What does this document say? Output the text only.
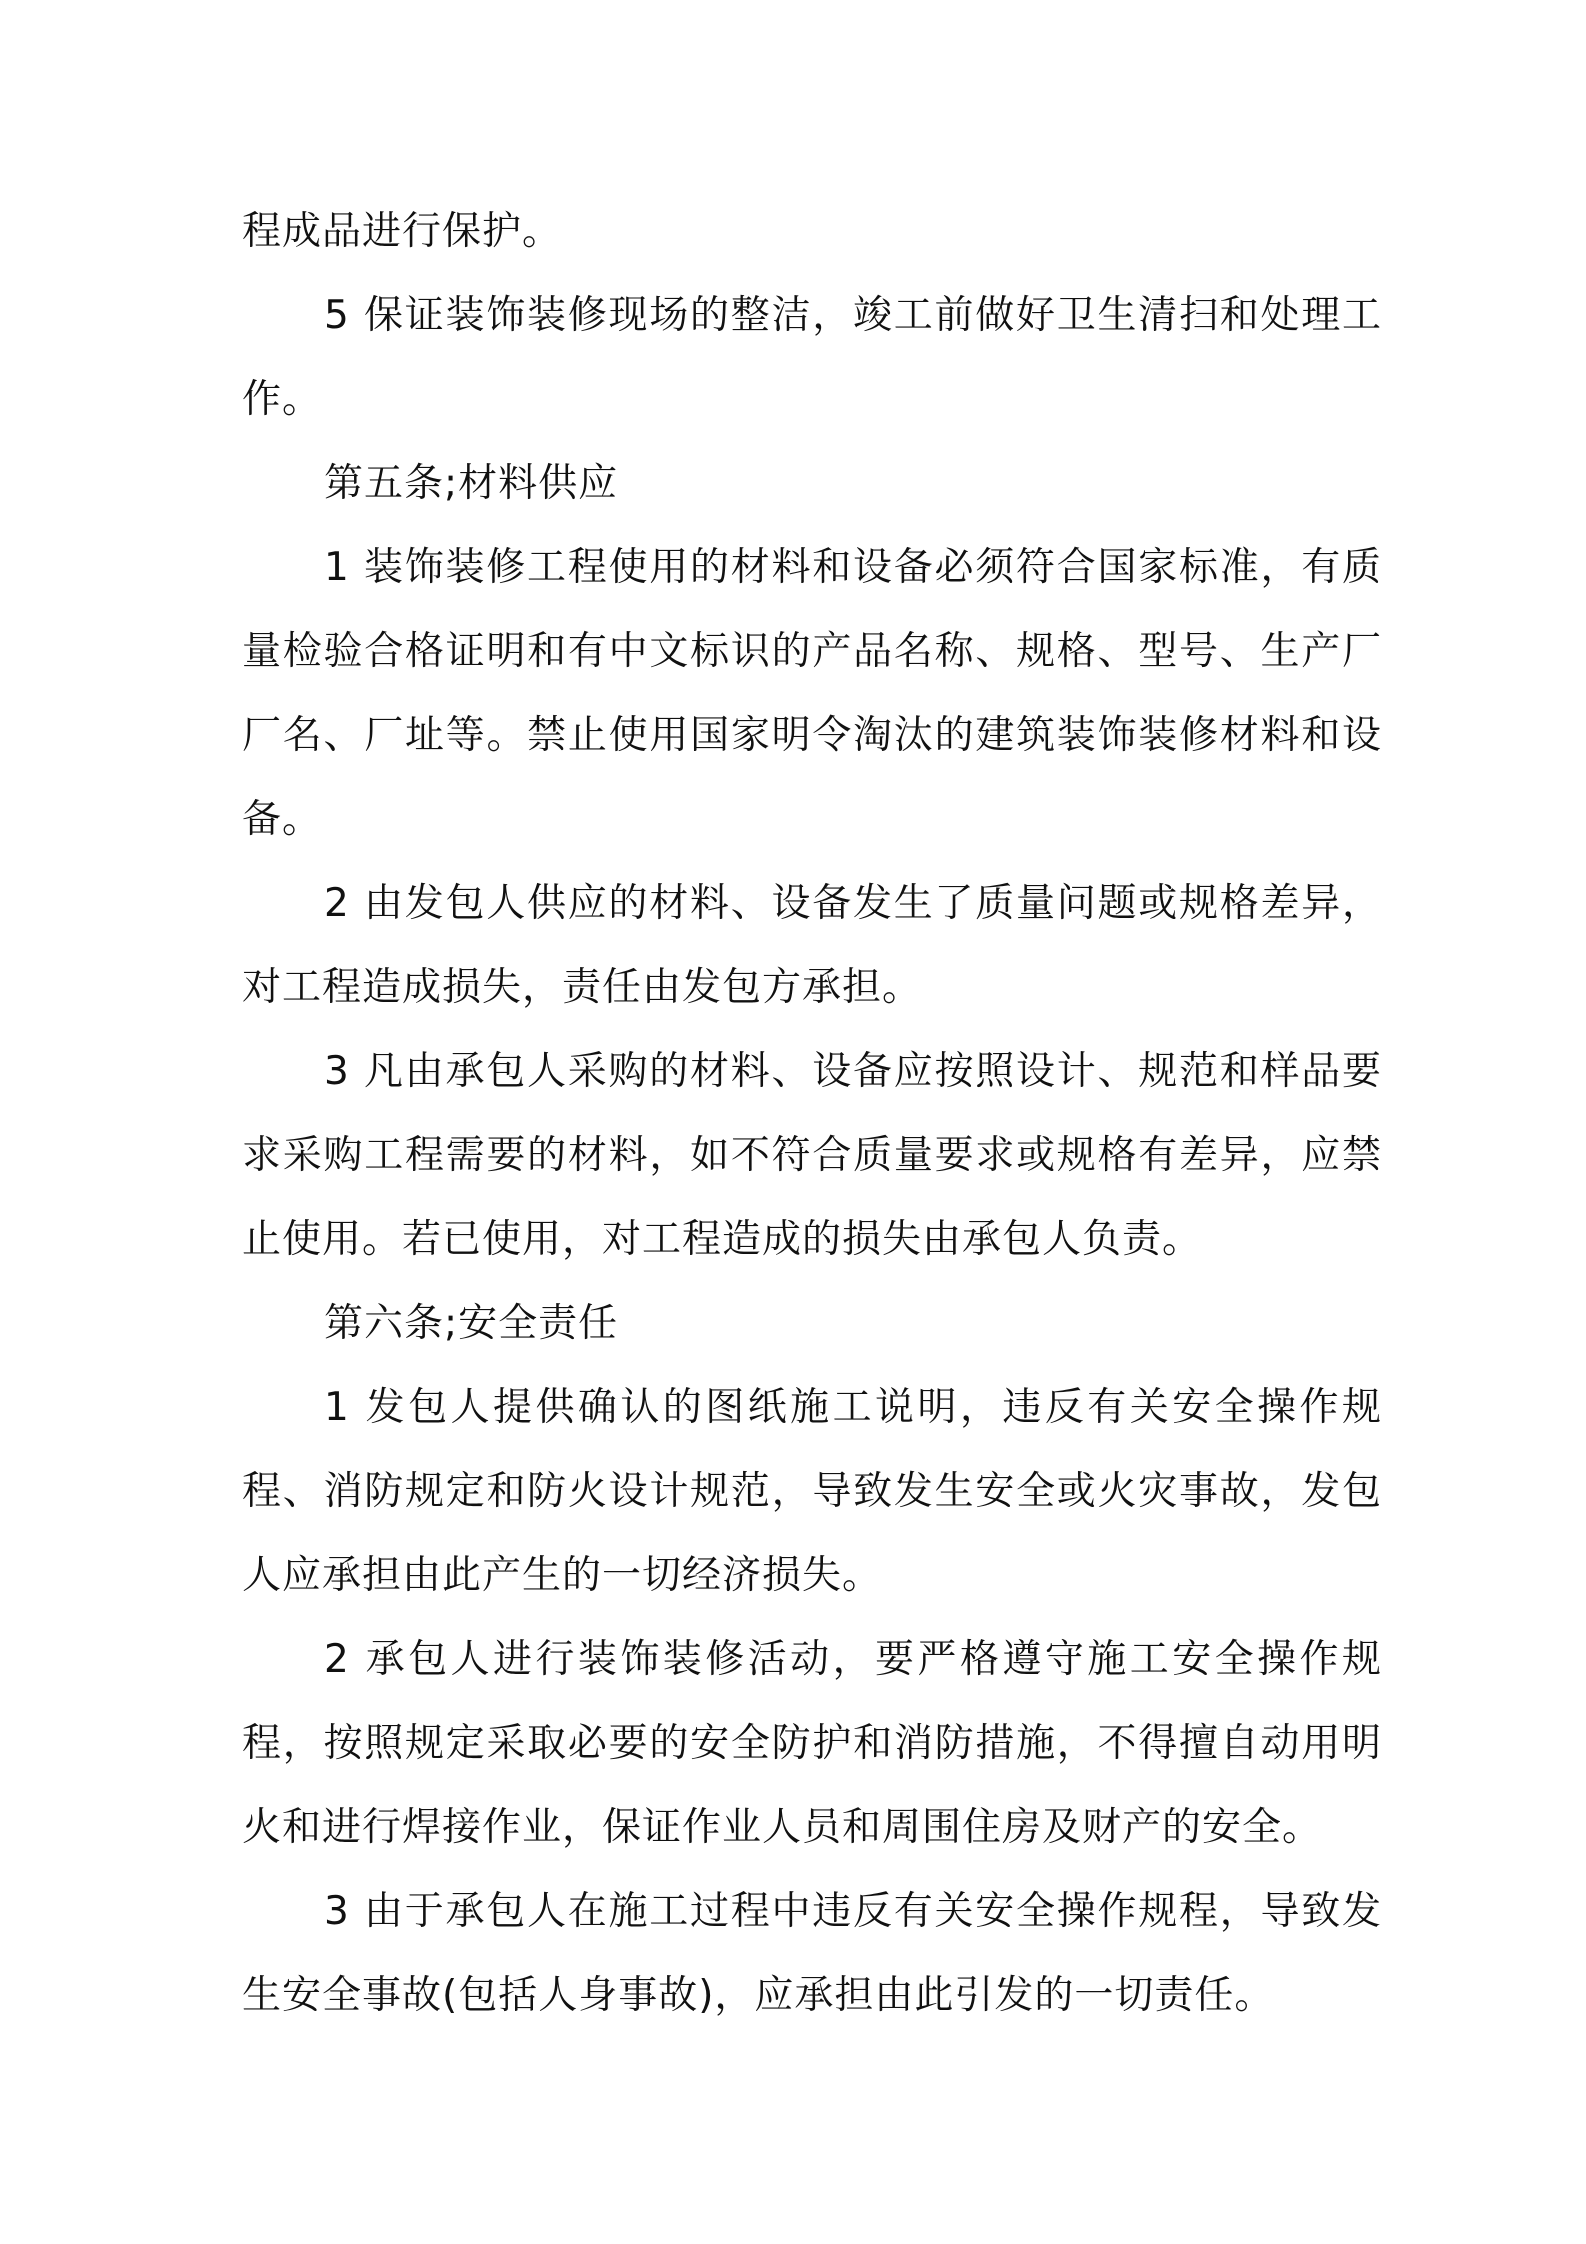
程成品进行保护。

5 保证装饰装修现场的整洁，竣工前做好卫生清扫和处理工作。

第五条;材料供应

1 装饰装修工程使用的材料和设备必须符合国家标准，有质量检验合格证明和有中文标识的产品名称、规格、型号、生产厂厂名、厂址等。禁止使用国家明令淘汰的建筑装饰装修材料和设备。

2 由发包人供应的材料、设备发生了质量问题或规格差异，对工程造成损失，责任由发包方承担。

3 凡由承包人采购的材料、设备应按照设计、规范和样品要求采购工程需要的材料，如不符合质量要求或规格有差异，应禁止使用。若已使用，对工程造成的损失由承包人负责。

第六条;安全责任

1 发包人提供确认的图纸施工说明，违反有关安全操作规程、消防规定和防火设计规范，导致发生安全或火灾事故，发包人应承担由此产生的一切经济损失。

2 承包人进行装饰装修活动，要严格遵守施工安全操作规程，按照规定采取必要的安全防护和消防措施，不得擅自动用明火和进行焊接作业，保证作业人员和周围住房及财产的安全。

3 由于承包人在施工过程中违反有关安全操作规程，导致发生安全事故(包括人身事故)，应承担由此引发的一切责任。
